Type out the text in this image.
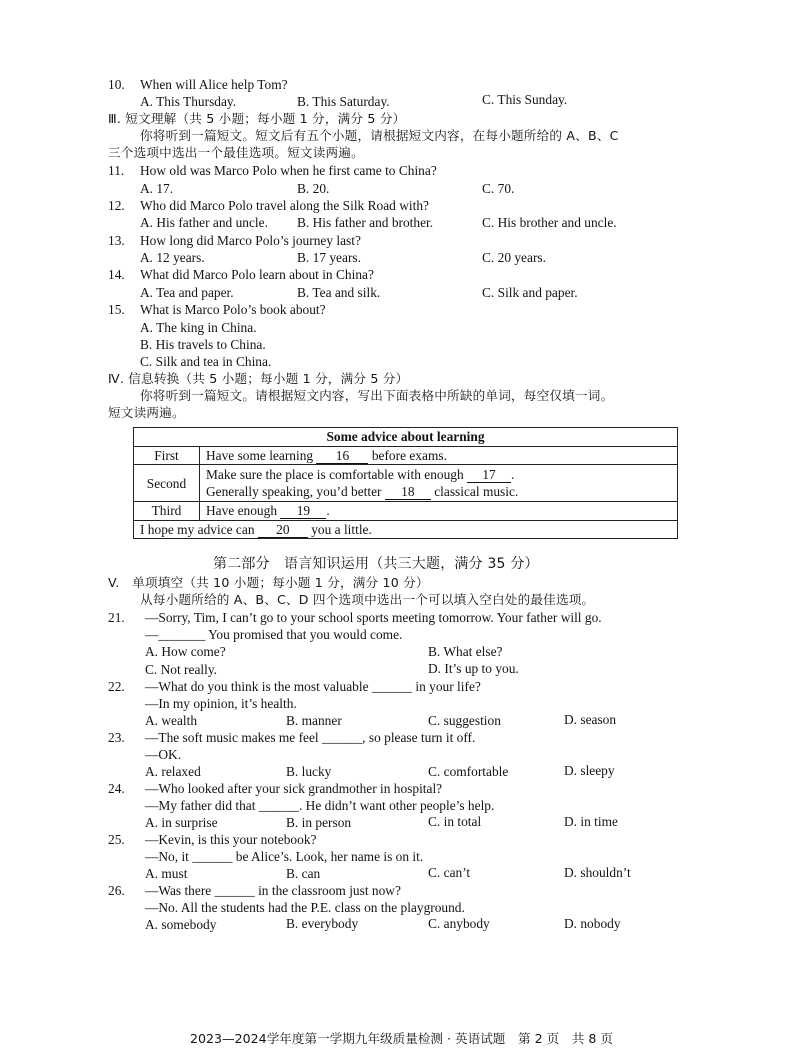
10. When will Alice help Tom?
A. This Thursday.	B. This Saturday.	C. This Sunday.
Ⅲ. 短文理解（共 5 小题；每小题 1 分，满分 5 分）
你将听到一篇短文。短文后有五个小题，请根据短文内容，在每小题所给的 A、B、C
三个选项中选出一个最佳选项。短文读两遍。
11. How old was Marco Polo when he first came to China?
A. 17.	B. 20.	C. 70.
12. Who did Marco Polo travel along the Silk Road with?
A. His father and uncle. B. His father and brother.	C. His brother and uncle.
13. How long did Marco Polo’s journey last?
A. 12 years.	B. 17 years.	C. 20 years.
14. What did Marco Polo learn about in China?
A. Tea and paper.	B. Tea and silk.	C. Silk and paper.
15. What is Marco Polo’s book about?
A. The king in China.
B. His travels to China.
C. Silk and tea in China.
Ⅳ. 信息转换（共 5 小题；每小题 1 分，满分 5 分）
你将听到一篇短文。请根据短文内容，写出下面表格中所缺的单词，每空仅填一词。
短文读两遍。
Some advice about learning	
First	Have some learning 16 before exams.
Second	Make sure the place is comfortable with enough 17 .
Generally speaking, you’d better 18 classical music.

Third	Have enough 19 .
I hope my advice can 20 you a little.	
第二部分　语言知识运用（共三大题，满分 35 分）
V.　单项填空（共 10 小题；每小题 1 分，满分 10 分）
从每小题所给的 A、B、C、D 四个选项中选出一个可以填入空白处的最佳选项。
21. —Sorry, Tim, I can’t go to your school sports meeting tomorrow. Your father will go.
—_______ You promised that you would come.
A. How come?	B. What else?
C. Not really.	D. It’s up to you.
22. —What do you think is the most valuable ______ in your life?
—In my opinion, it’s health.
A. wealth	B. manner	C. suggestion	D. season
23. —The soft music makes me feel ______, so please turn it off.
—OK.
A. relaxed	B. lucky	C. comfortable	D. sleepy
24. —Who looked after your sick grandmother in hospital?
—My father did that ______. He didn’t want other people’s help.
A. in surprise	B. in person	C. in total	D. in time
25. —Kevin, is this your notebook?
—No, it ______ be Alice’s. Look, her name is on it.
A. must	B. can	C. can’t	D. shouldn’t
26. —Was there ______ in the classroom just now?
—No. All the students had the P.E. class on the playground.
A. somebody	B. everybody	C. anybody	D. nobody
2023—2024学年度第一学期九年级质量检测 · 英语试题　第 2 页　共 8 页
